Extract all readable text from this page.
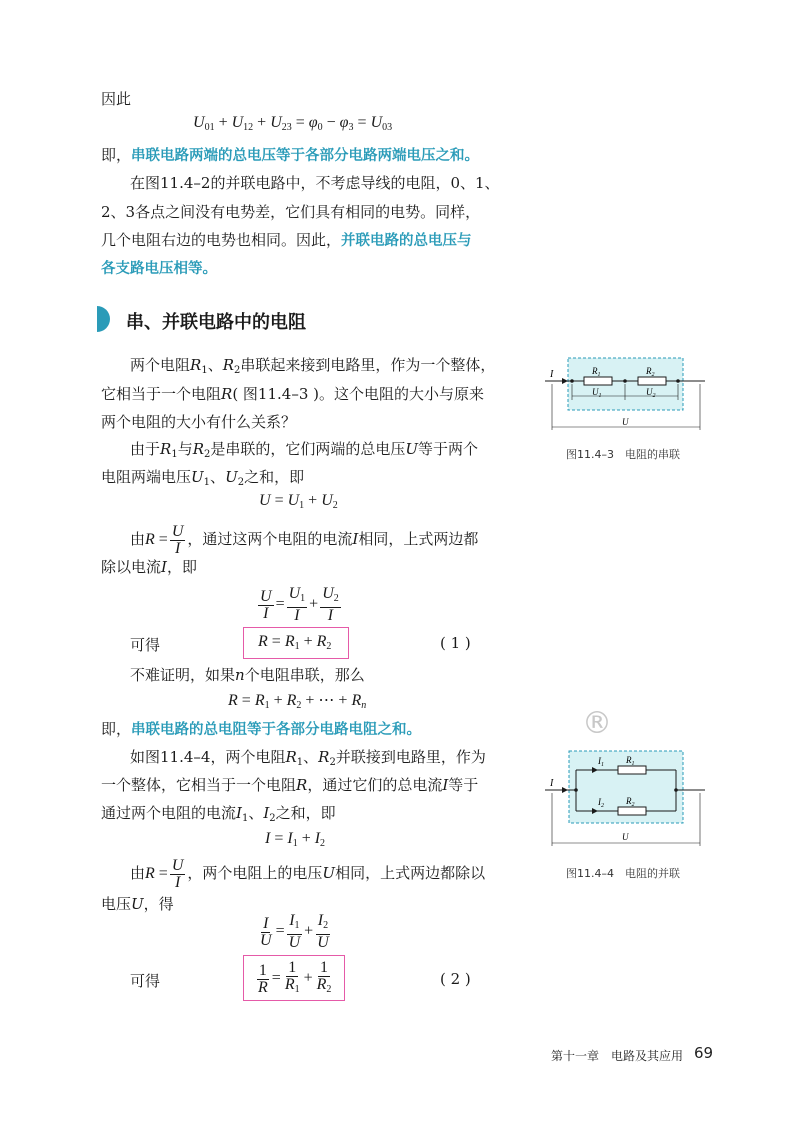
因此
$U_{01} + U_{12} + U_{23} = \varphi_0 - \varphi_3 = U_{03}$
即，串联电路两端的总电压等于各部分电路两端电压之和。
在图11.4–2的并联电路中，不考虑导线的电阻，0、1、
2、3各点之间没有电势差，它们具有相同的电势。同样，
几个电阻右边的电势也相同。因此，并联电路的总电压与
各支路电压相等。
串、并联电路中的电阻
两个电阻$R_1$、$R_2$串联起来接到电路里，作为一个整体，
它相当于一个电阻R( 图11.4–3 )。这个电阻的大小与原来
两个电阻的大小有什么关系？
由于$R_1$与$R_2$是串联的，它们两端的总电压U等于两个
电阻两端电压$U_1$、$U_2$之和，即
$U = U_1 + U_2$
由$R = \frac{U}{I}$ ，通过这两个电阻的电流I相同，上式两边都
除以电流I，即
$\frac{U}{I} = \frac{U_1}{I} + \frac{U_2}{I}$
可得	$R = R_1 + R_2$	( 1 )
不难证明，如果n个电阻串联，那么
$R = R_1 + R_2$ + ⋯ + $R_n$
即，串联电路的总电阻等于各部分电路电阻之和。
如图11.4–4，两个电阻$R_1$、$R_2$并联接到电路里，作为
一个整体，它相当于一个电阻R，通过它们的总电流I等于
通过两个电阻的电流$I_1$、$I_2$之和，即
$I = I_1 + I_2$
由$R = \frac{U}{I}$ ，两个电阻上的电压U相同，上式两边都除以
电压U，得
$\frac{I}{U} = \frac{I_1}{U} + \frac{I_2}{U}$
可得	$\frac{1}{R} = \frac{1}{R_1} + \frac{1}{R_2}$	( 2 )
®
I	$R_1$	$R_2$
$U_1$	$U_2$
U
图11.4–3　电阻的串联
I
$I_1$ $R_1$
$I_2$ $R_2$
U
图11.4–4　电阻的并联
第十一章　电路及其应用 69
